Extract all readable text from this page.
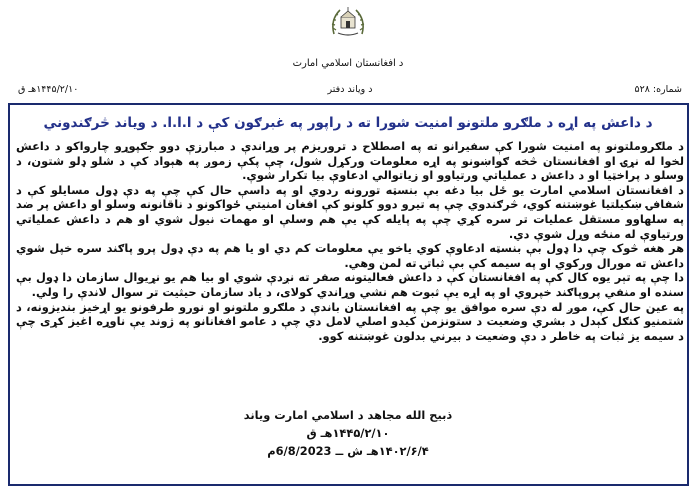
د افغانستان اسلامي امارت
شماره: ۵۲۸
د ویاند دفتر
۱۴۴۵/۲/۱۰هـ ق
د داعش په اړه د ملګرو ملتونو امنیت شورا ته د راپور په غبرګون کې د ا.ا.ا. د ویاند څرګندوني

د ملګروملتونو په امنیت شورا کې سفیرانو ته په اصطلاح د تروریزم پر وړاندې د مبارزې دوو جګپوړو چارواکو د داعش لخوا له نړۍ او افغانستان څخه ګواښونو په اړه معلومات ورکړل شول، چې پکې زموږ په هېواد کې د شلو ډلو شتون، د وسلو د پراخټیا او د داعش د عملیاتي ورتیاوو او زیاتوالي ادعاوې بیا تکرار شوې.

د افغانستان اسلامي امارت یو ځل بیا دغه بې بنسټه تورونه ردوي او په داسې حال کې چې په دې ډول مسایلو کې د شفافۍ ښکیلتیا غوښتنه کوي، څرګندوي چې په تیرو دوو کلونو کې افغان امنیتي ځواکونو د ناقانونه وسلو او داعش پر ضد په سلهاوو مستقل عملیات تر سره کړي چې په پایله کې یې هم وسلې او مهمات نیول شوي او هم د داعش عملیاتي ورتیاوې له منځه وړل شوې دي.

هر هغه څوک چې دا ډول بې بنسټه ادعاوې کوي یاخو یې معلومات کم دي او یا هم په دې ډول پرو پاګند سره خپل شوي داعش ته مورال ورکوي او په سیمه کې بې ثباتۍ ته لمن وهي.

دا چې په تېر یوه کال کې په افغانستان کې د داعش فعالیتونه صفر ته نږدې شوي او بیا هم یو نړیوال سازمان دا ډول بې سنده او منفي پروپاګند خپروي او په اړه یې ثبوت هم نشي وړاندي کولای، د یاد سازمان حیثیت تر سوال لاندې را ولي.

په عین حال کې، موږ له دې سره موافق یو چې په افغانستان باندې د ملګرو ملتونو او نورو طرفونو یو اړخیز بندیزونه، د شتمنیو کنګل کېدل د بشري وضعیت د ستونزمن کیدو اصلي لامل دي چې د عامو افغانانو په ژوند یې ناوړه اغیز کړی چې د سیمه یز ثبات په خاطر د دې وضعیت د بیرني بدلون غوښتنه کوو.

ذبیح الله مجاهد د اسلامي امارت ویاند
۱۴۴۵/۲/۱۰هـ ق
۱۴۰۲/۶/۴هـ ش ــ 6/8/2023م
